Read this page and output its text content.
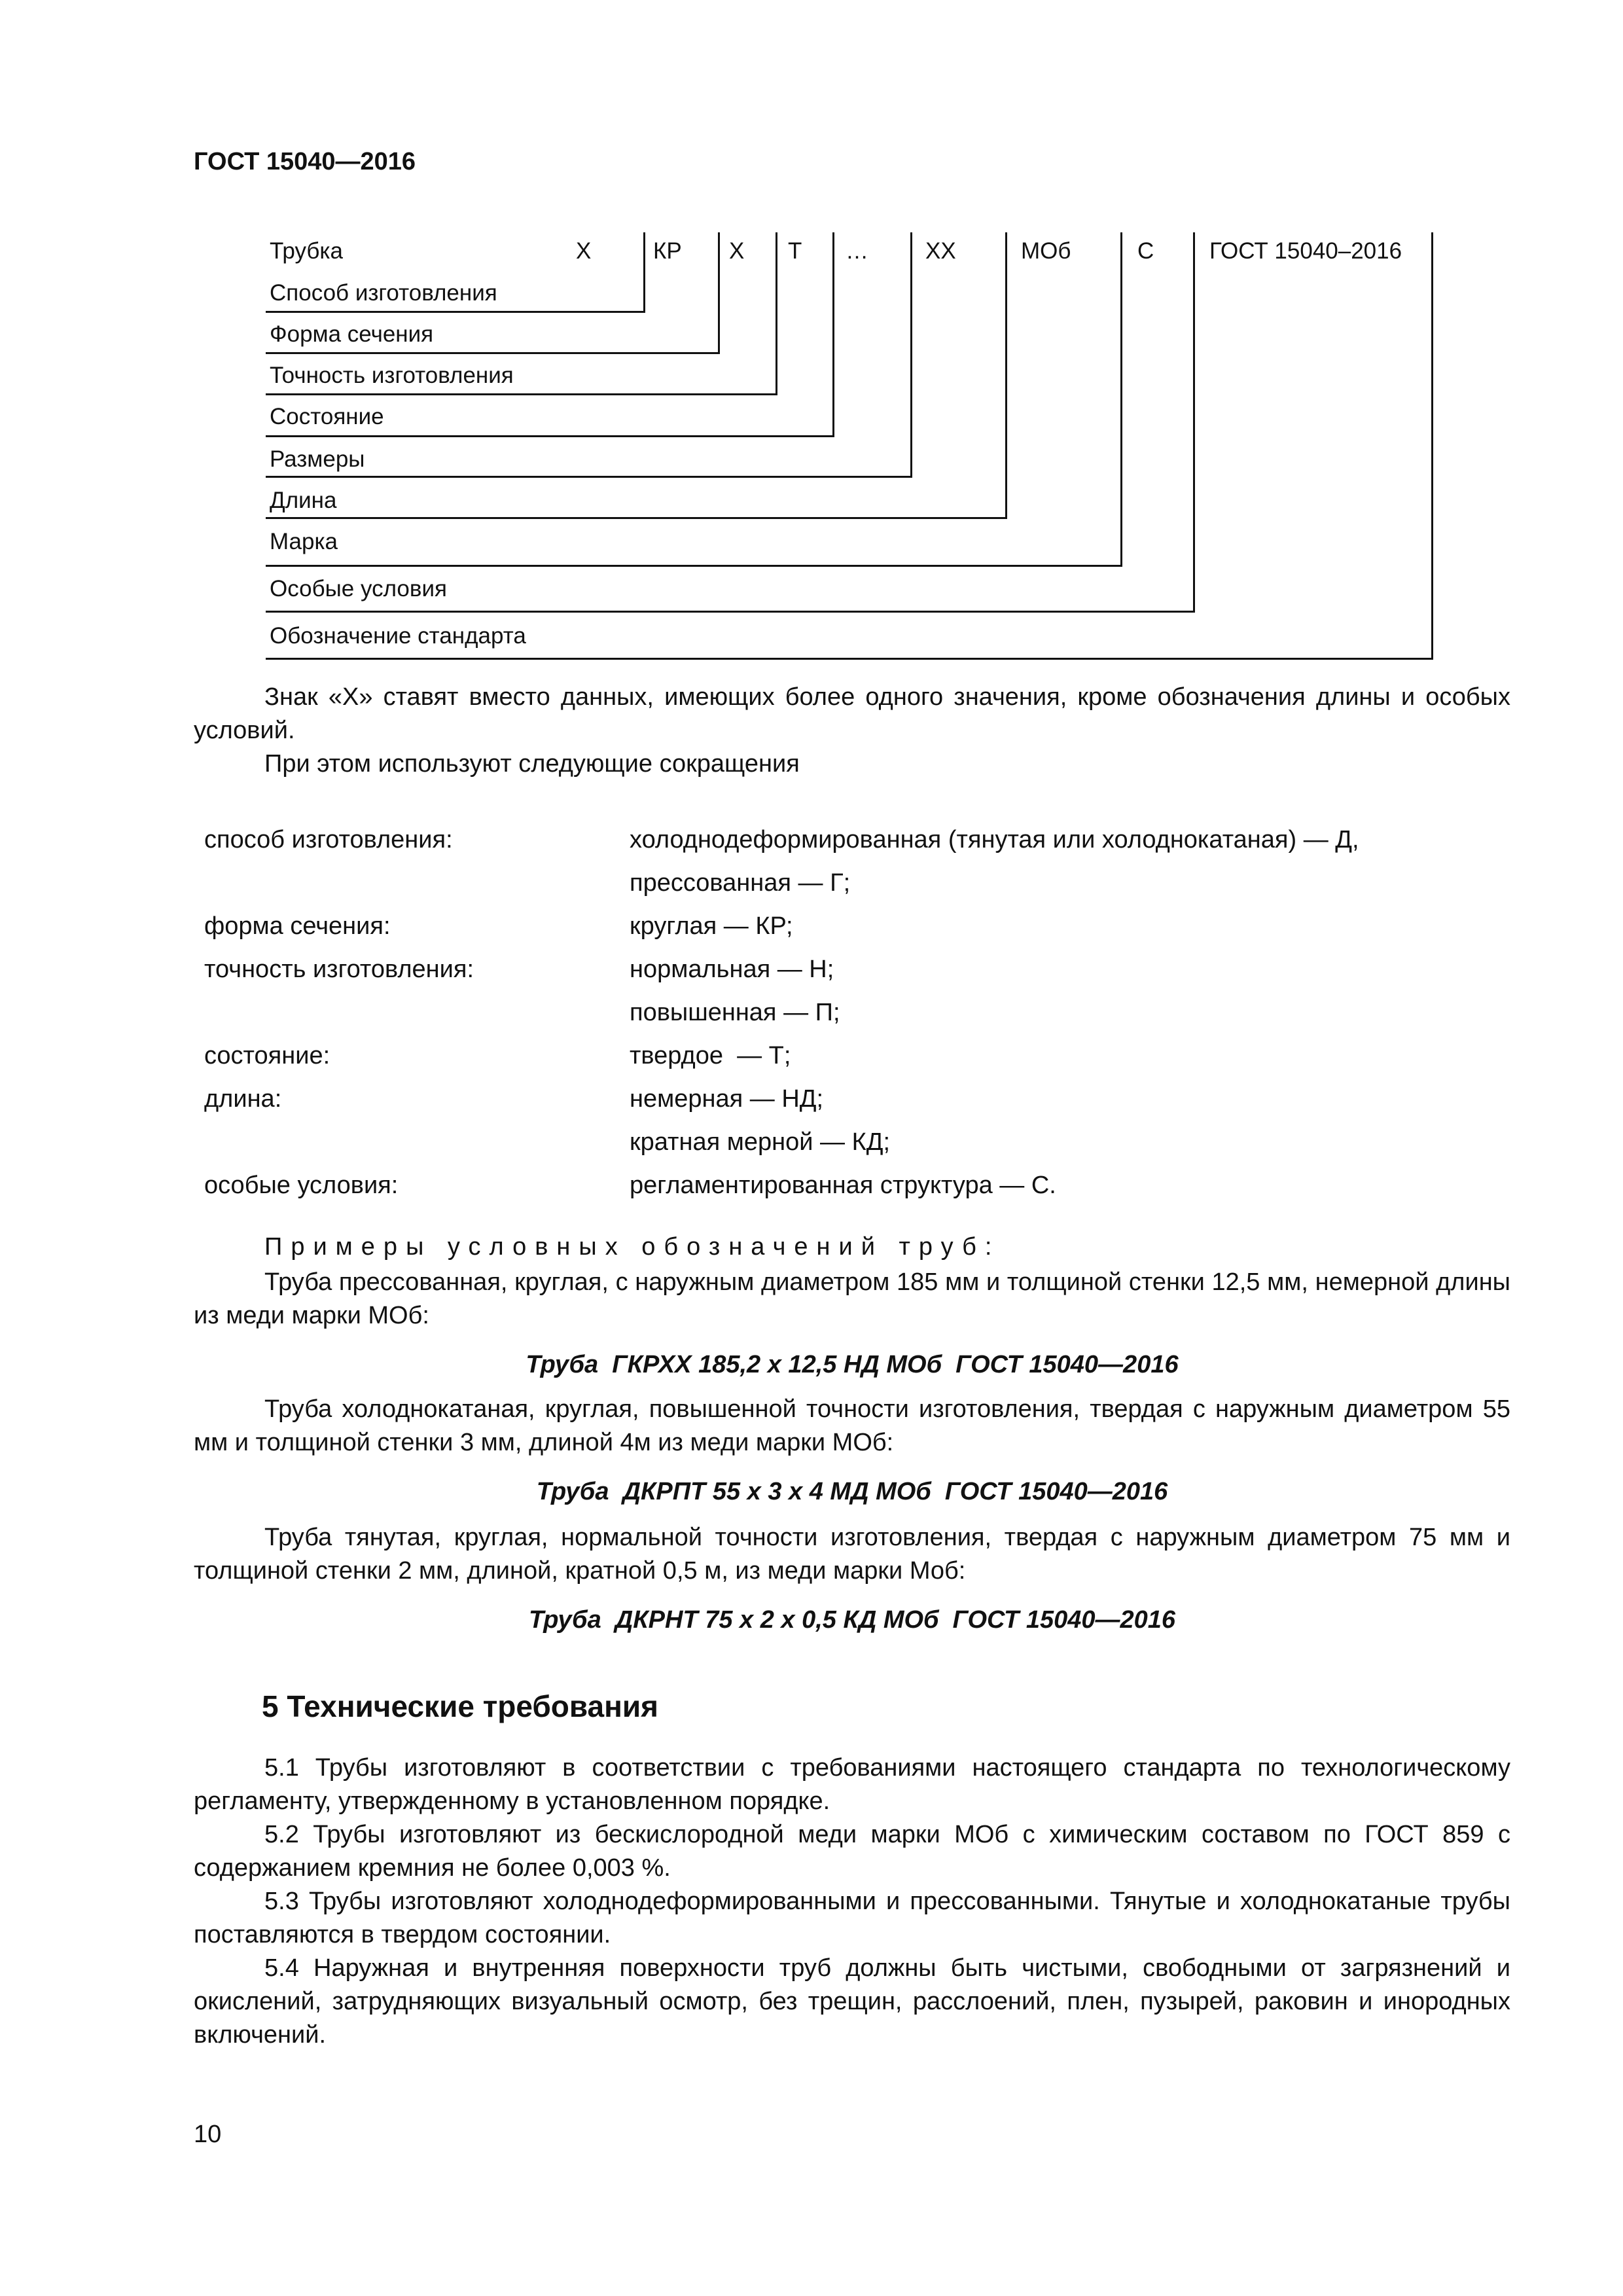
ГОСТ 15040—2016
Трубка	X	КР X Т … ХХ	МОб	С ГОСТ 15040–2016
Способ изготовления
Форма сечения
Точность изготовления
Состояние
Размеры
Длина
Марка
Особые условия
Обозначение стандарта
Знак «X» ставят вместо данных, имеющих более одного значения, кроме обозначения длины и особых условий.
При этом используют следующие сокращения
способ изготовления:	холоднодеформированная (тянутая или холоднокатаная) — Д,
прессованная — Г;
форма сечения:	круглая — КР;
точность изготовления:	нормальная — Н;
повышенная — П;
состояние:	твердое  — Т;
длина:	немерная — НД;
кратная мерной — КД;
особые условия:	регламентированная структура — С.
Примеры условных обозначений труб:
Труба прессованная, круглая, с наружным диаметром 185 мм и толщиной стенки 12,5 мм, немерной длины из меди марки МОб:
Труба  ГКРХХ 185,2 х 12,5 НД МОб  ГОСТ 15040—2016
Труба холоднокатаная, круглая, повышенной точности изготовления, твердая с наружным диаметром 55 мм и толщиной стенки 3 мм, длиной 4м из меди марки МОб:
Труба  ДКРПТ 55 х 3 х 4 МД МОб  ГОСТ 15040—2016
Труба тянутая, круглая, нормальной точности изготовления, твердая с наружным диаметром 75 мм и толщиной стенки 2 мм, длиной, кратной 0,5 м, из меди марки Моб:
Труба  ДКРНТ 75 х 2 х 0,5 КД МОб  ГОСТ 15040—2016
5 Технические требования
5.1 Трубы изготовляют в соответствии с требованиями настоящего стандарта по технологическому регламенту, утвержденному в установленном порядке.
5.2 Трубы изготовляют из бескислородной меди марки МОб с химическим составом по ГОСТ 859 с содержанием кремния не более 0,003 %.
5.3 Трубы изготовляют холоднодеформированными и прессованными. Тянутые и холоднокатаные трубы поставляются в твердом состоянии.
5.4 Наружная и внутренняя поверхности труб должны быть чистыми, свободными от загрязнений и окислений, затрудняющих визуальный осмотр, без трещин, расслоений, плен, пузырей, раковин и инородных включений.
10
